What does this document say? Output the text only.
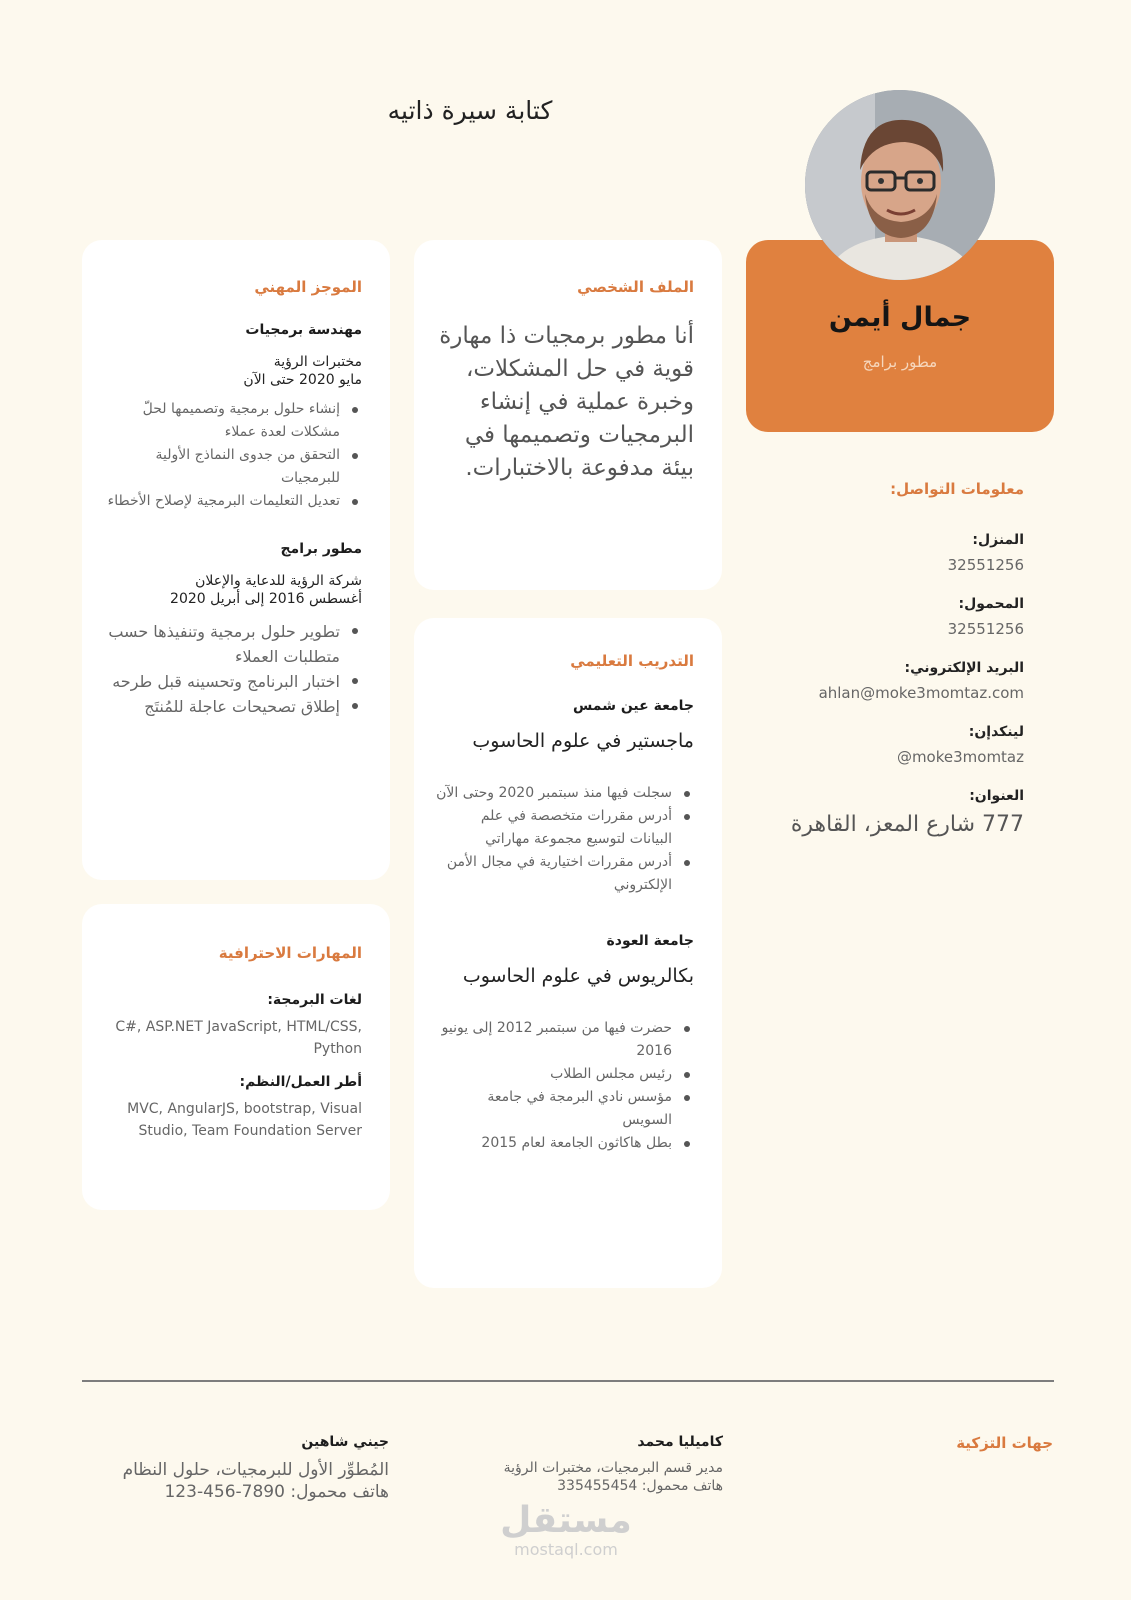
كتابة سيرة ذاتيه
جمال أيمن
مطور برامج
معلومات التواصل:
المنزل:
32551256
المحمول:
32551256
البريد الإلكتروني:
ahlan@moke3momtaz.com
لينكدإن:
moke3momtaz@
العنوان:
777 شارع المعز، القاهرة
الملف الشخصي
أنا مطور برمجيات ذا مهارة قوية في حل المشكلات، وخبرة عملية في إنشاء البرمجيات وتصميمها في بيئة مدفوعة بالاختبارات.
التدريب التعليمي
جامعة عين شمس
ماجستير في علوم الحاسوب
سجلت فيها منذ سبتمبر 2020 وحتى الآن
أدرس مقررات متخصصة في علم البيانات لتوسيع مجموعة مهاراتي
أدرس مقررات اختيارية في مجال الأمن الإلكتروني
جامعة العودة
بكالريوس في علوم الحاسوب
حضرت فيها من سبتمبر 2012 إلى يونيو 2016
رئيس مجلس الطلاب
مؤسس نادي البرمجة في جامعة السويس
بطل هاكاثون الجامعة لعام 2015
الموجز المهني
مهندسة برمجيات
مختبرات الرؤية
مايو 2020 حتى الآن
إنشاء حلول برمجية وتصميمها لحلّ مشكلات لعدة عملاء
التحقق من جدوى النماذج الأولية للبرمجيات
تعديل التعليمات البرمجية لإصلاح الأخطاء
مطور برامج
شركة الرؤية للدعاية والإعلان
أغسطس 2016 إلى أبريل 2020
تطوير حلول برمجية وتنفيذها حسب متطلبات العملاء
اختبار البرنامج وتحسينه قبل طرحه
إطلاق تصحيحات عاجلة للمُنتَج
المهارات الاحترافية
لغات البرمجة:
C#, ASP.NET JavaScript, HTML/CSS, Python
أطر العمل/النظم:
MVC, AngularJS, bootstrap, Visual Studio, Team Foundation Server
جهات التزكية
كاميليا محمد
مدير قسم البرمجيات، مختبرات الرؤية
هاتف محمول: 335455454
جيني شاهين
المُطوِّر الأول للبرمجيات، حلول النظام
هاتف محمول: 7890-456-123
مستقل
mostaql.com
